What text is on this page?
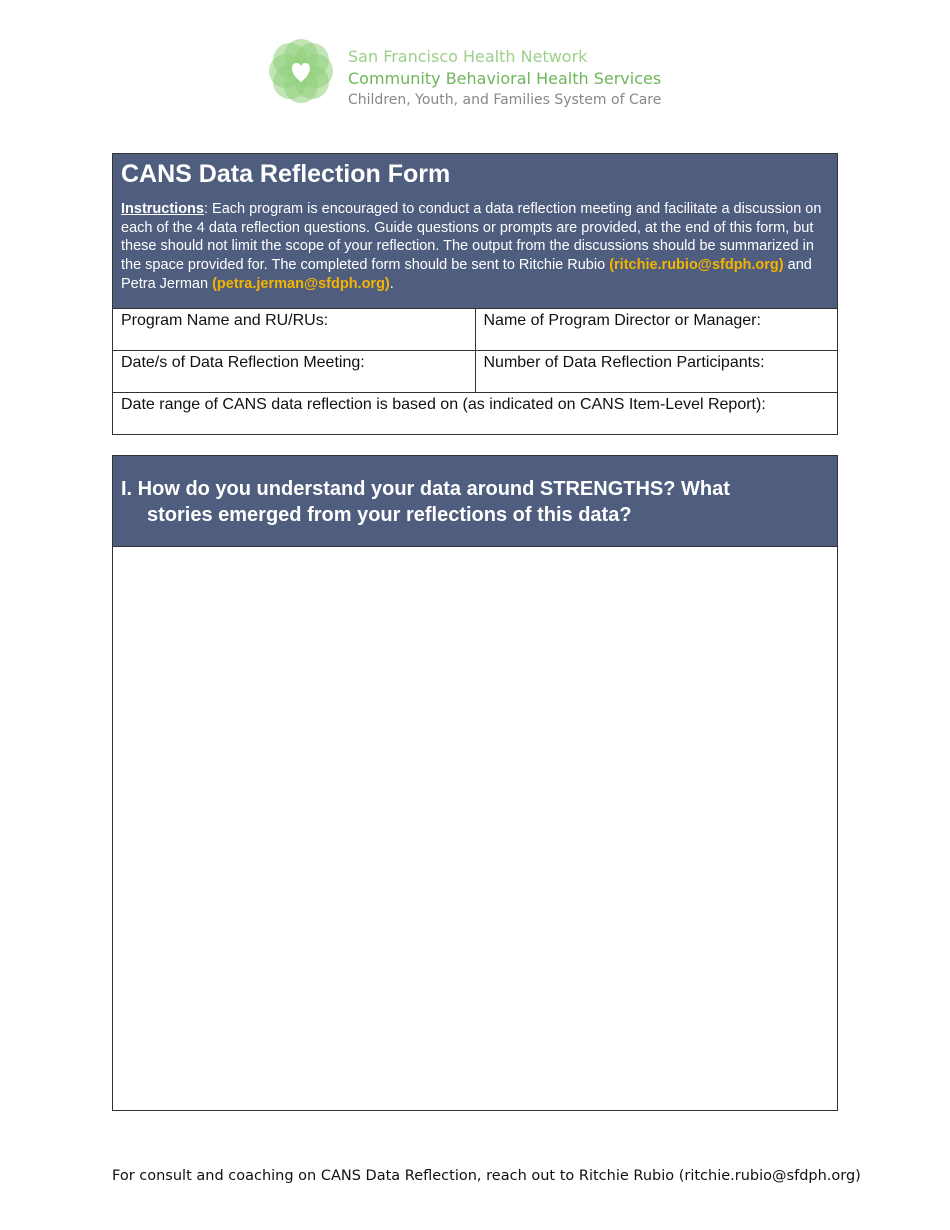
San Francisco Health Network
Community Behavioral Health Services
Children, Youth, and Families System of Care
CANS Data Reflection Form
Instructions: Each program is encouraged to conduct a data reflection meeting and facilitate a discussion on each of the 4 data reflection questions. Guide questions or prompts are provided, at the end of this form, but these should not limit the scope of your reflection. The output from the discussions should be summarized in the space provided for. The completed form should be sent to Ritchie Rubio (ritchie.rubio@sfdph.org) and Petra Jerman (petra.jerman@sfdph.org).
Program Name and RU/RUs:	Name of Program Director or Manager:
Date/s of Data Reflection Meeting:	Number of Data Reflection Participants:
Date range of CANS data reflection is based on (as indicated on CANS Item-Level Report):
I. How do you understand your data around STRENGTHS? What
stories emerged from your reflections of this data?
For consult and coaching on CANS Data Reflection, reach out to Ritchie Rubio (ritchie.rubio@sfdph.org)
